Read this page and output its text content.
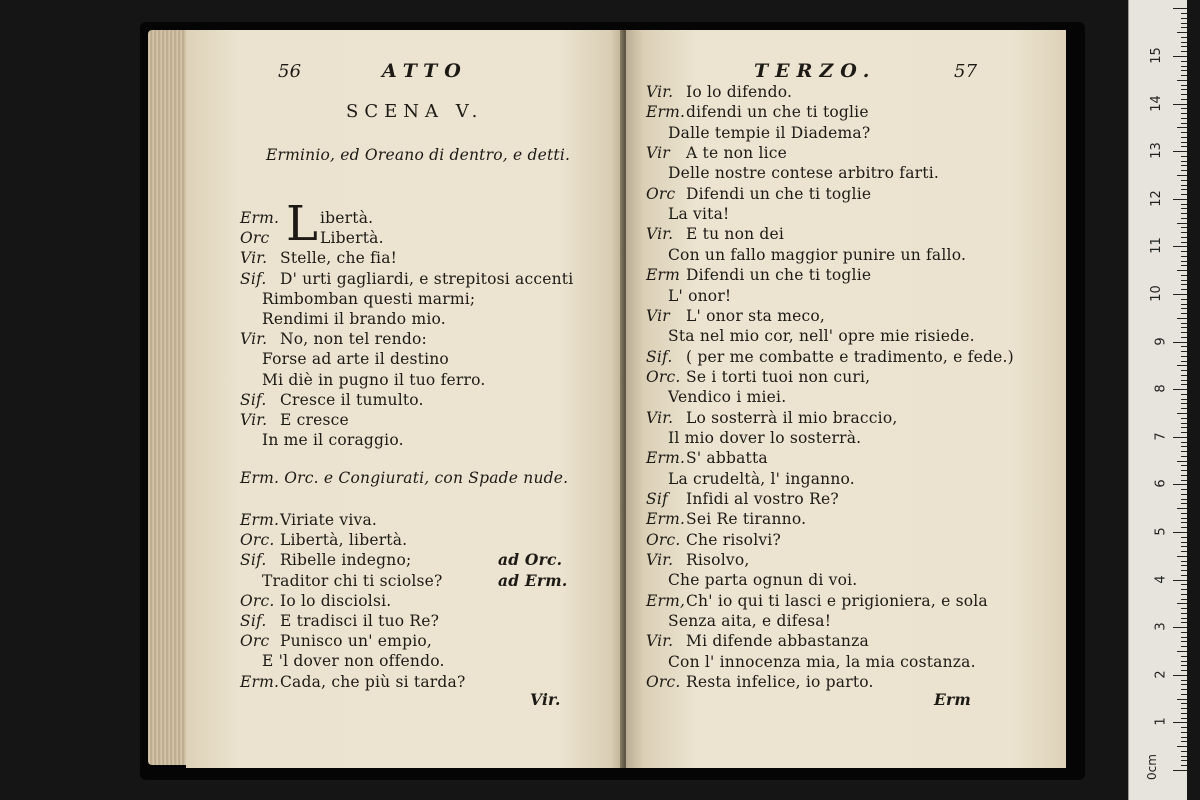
56	ATTO
SCENA V.
Erminio, ed Oreano di dentro, e detti.
L
Erm.	ibertà.
Orc	Libertà.
Vir. Stelle, che fia!
Sif. D' urti gagliardi, e strepitosi accenti
Rimbomban questi marmi;
Rendimi il brando mio.
Vir. No, non tel rendo:
Forse ad arte il destino
Mi diè in pugno il tuo ferro.
Sif. Cresce il tumulto.
Vir. E cresce
In me il coraggio.
Erm. Orc. e Congiurati, con Spade nude.
Erm. Viriate viva.
Orc. Libertà, libertà.
Sif. Ribelle indegno;	ad Orc.
Traditor chi ti sciolse?	ad Erm.
Orc. Io lo disciolsi.
Sif. E tradisci il tuo Re?
Orc Punisco un' empio,
E 'l dover non offendo.
Erm. Cada, che più si tarda?
Vir.
TERZO.	57
Vir. Io lo difendo.
Erm. difendi un che ti toglie
Dalle tempie il Diadema?
Vir A te non lice
Delle nostre contese arbitro farti.
Orc Difendi un che ti toglie
La vita!
Vir. E tu non dei
Con un fallo maggior punire un fallo.
Erm Difendi un che ti toglie
L' onor!
Vir L' onor sta meco,
Sta nel mio cor, nell' opre mie risiede.
Sif. ( per me combatte e tradimento, e fede.)
Orc. Se i torti tuoi non curi,
Vendico i miei.
Vir. Lo sosterrà il mio braccio,
Il mio dover lo sosterrà.
Erm. S' abbatta
La crudeltà, l' inganno.
Sif Infidi al vostro Re?
Erm. Sei Re tiranno.
Orc. Che risolvi?
Vir. Risolvo,
Che parta ognun di voi.
Erm, Ch' io qui ti lasci e prigioniera, e sola
Senza aita, e difesa!
Vir. Mi difende abbastanza
Con l' innocenza mia, la mia costanza.
Orc. Resta infelice, io parto.
Erm
15
14
13
12
11
10
9
8
7
6
5
4
3
2
1
0cm
